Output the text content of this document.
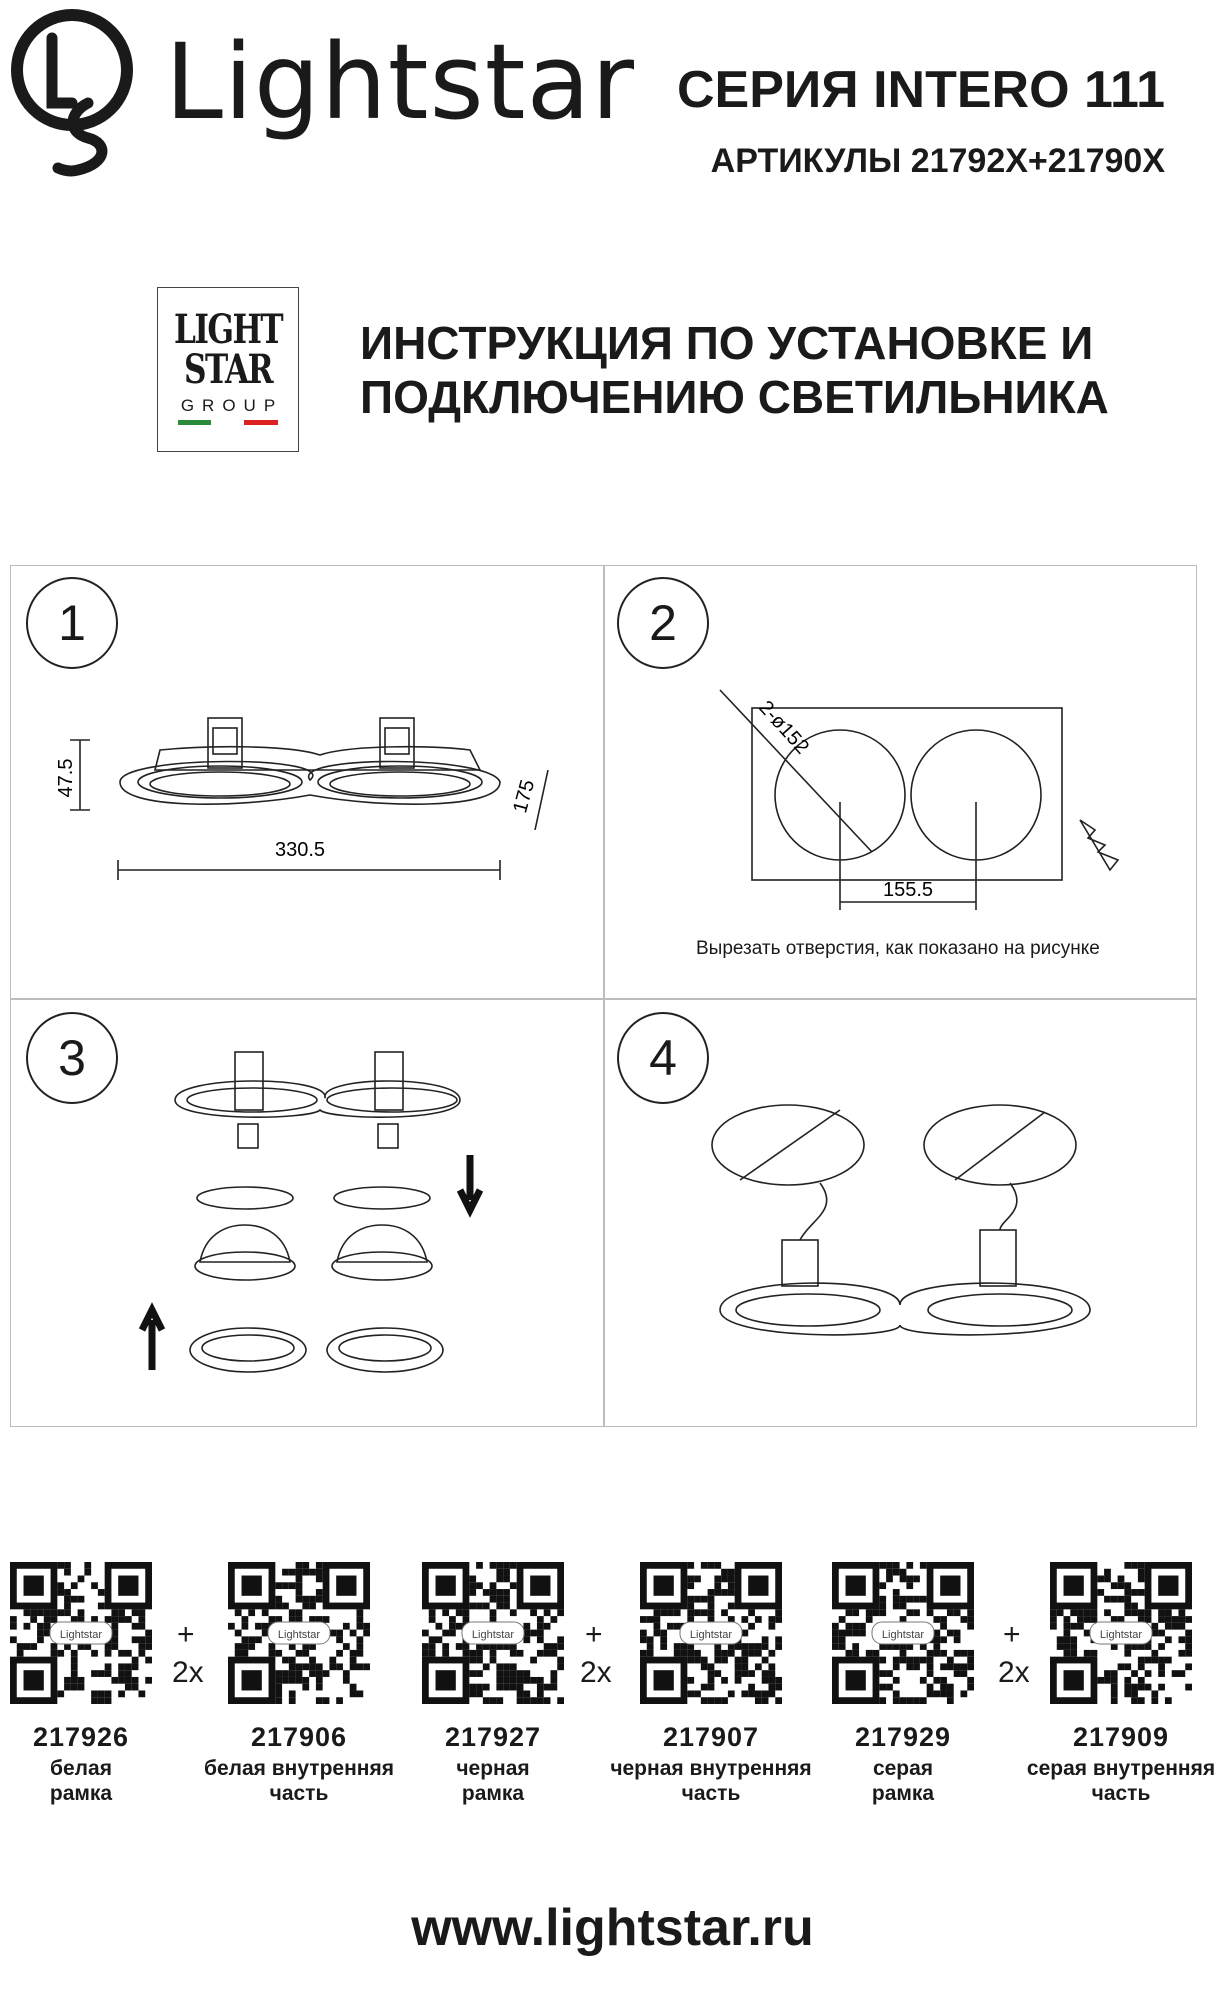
Lightstar СЕРИЯ INTERO 111
АРТИКУЛЫ 21792X+21790X
LIGHT
STAR
GROUP
ИНСТРУКЦИЯ ПО УСТАНОВКЕ И
ПОДКЛЮЧЕНИЮ СВЕТИЛЬНИКА
1	2
3	4
330.5
47.5	175
2-ø152
155.5
Вырезать отверстия, как показано на рисунке
Lightstar
217926
белая
рамка
Lightstar
217906
белая внутренняя
часть
Lightstar
217927
черная
рамка
Lightstar
217907
черная внутренняя
часть
Lightstar
217929
серая
рамка
Lightstar
217909
серая внутренняя
часть
+
2x
+
2x
+
2x
www.lightstar.ru
